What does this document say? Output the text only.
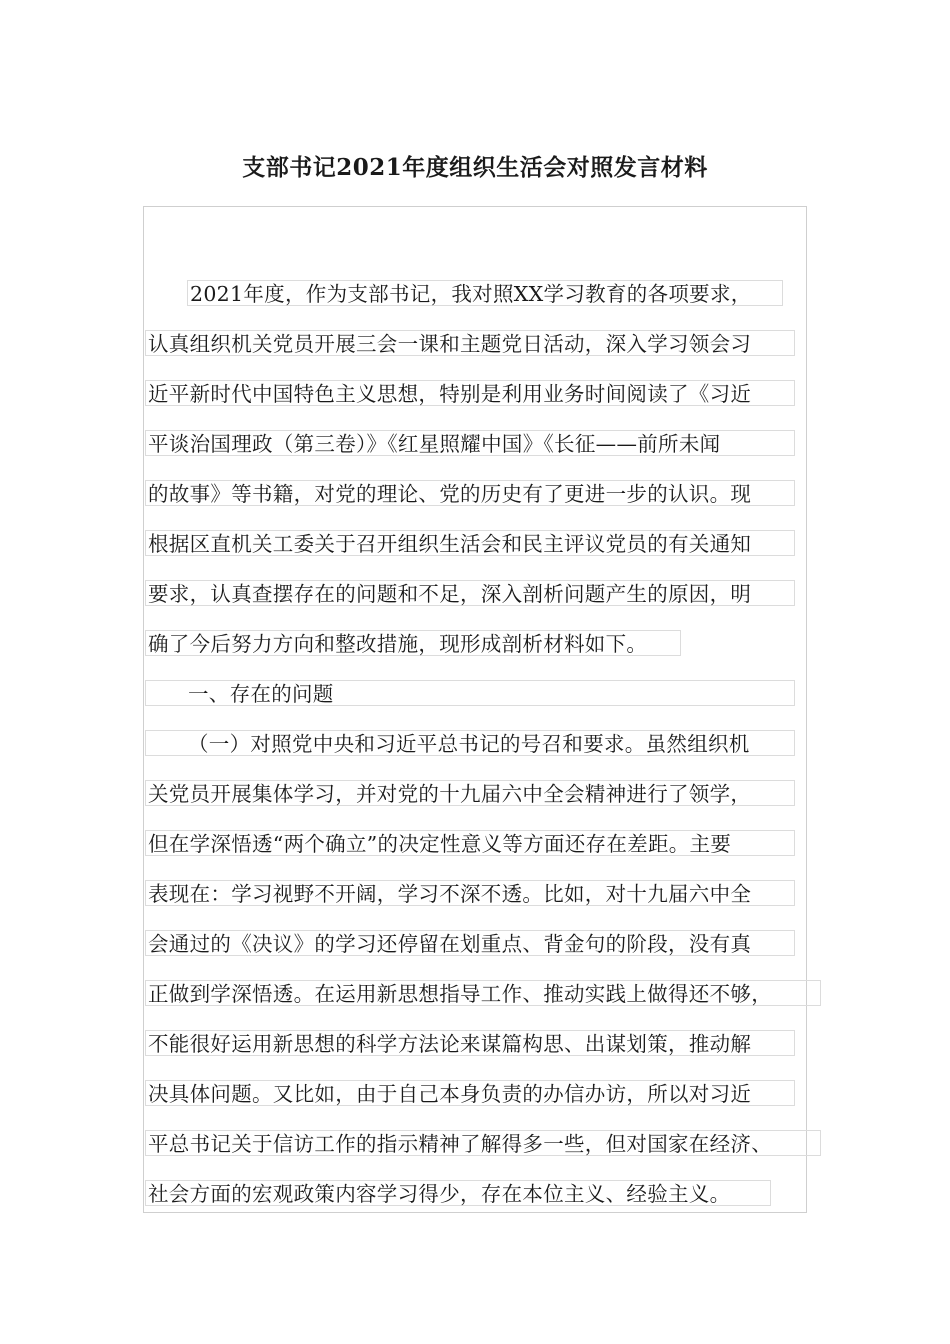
支部书记2021年度组织生活会对照发言材料
2021年度，作为支部书记，我对照XX学习教育的各项要求，
认真组织机关党员开展三会一课和主题党日活动，深入学习领会习
近平新时代中国特色主义思想，特别是利用业务时间阅读了《习近
平谈治国理政（第三卷）》《红星照耀中国》《长征——前所未闻
的故事》等书籍，对党的理论、党的历史有了更进一步的认识。现
根据区直机关工委关于召开组织生活会和民主评议党员的有关通知
要求，认真查摆存在的问题和不足，深入剖析问题产生的原因，明
确了今后努力方向和整改措施，现形成剖析材料如下。
一、存在的问题
（一）对照党中央和习近平总书记的号召和要求。虽然组织机
关党员开展集体学习，并对党的十九届六中全会精神进行了领学，
但在学深悟透“两个确立”的决定性意义等方面还存在差距。主要
表现在：学习视野不开阔，学习不深不透。比如，对十九届六中全
会通过的《决议》的学习还停留在划重点、背金句的阶段，没有真
正做到学深悟透。在运用新思想指导工作、推动实践上做得还不够，
不能很好运用新思想的科学方法论来谋篇构思、出谋划策，推动解
决具体问题。又比如，由于自己本身负责的办信办访，所以对习近
平总书记关于信访工作的指示精神了解得多一些，但对国家在经济、
社会方面的宏观政策内容学习得少，存在本位主义、经验主义。
